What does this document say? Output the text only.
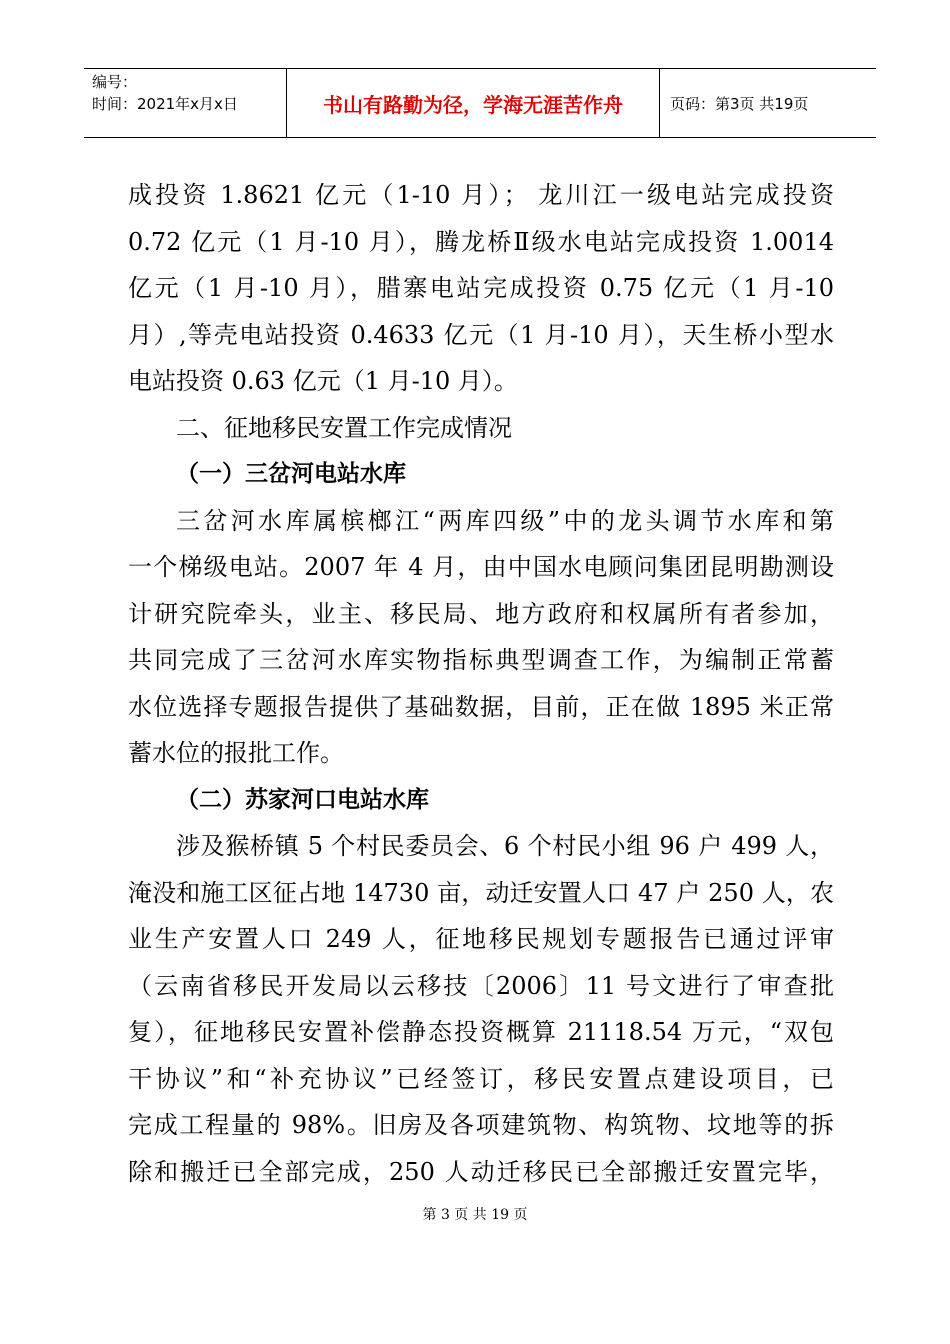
编号：
时间：2021年x月x日	书山有路勤为径，学海无涯苦作舟	页码：第3页 共19页
成投资 1.8621 亿元（1-10 月）； 龙川江一级电站完成投资
0.72 亿元（1 月-10 月），腾龙桥Ⅱ级水电站完成投资 1.0014
亿元（1 月-10 月），腊寨电站完成投资 0.75 亿元（1 月-10
月）,等壳电站投资 0.4633 亿元（1 月-10 月），天生桥小型水
电站投资 0.63 亿元（1 月-10 月）。
二、征地移民安置工作完成情况
（一）三岔河电站水库
三岔河水库属槟榔江“两库四级”中的龙头调节水库和第
一个梯级电站。2007 年 4 月，由中国水电顾问集团昆明勘测设
计研究院牵头，业主、移民局、地方政府和权属所有者参加，
共同完成了三岔河水库实物指标典型调查工作，为编制正常蓄
水位选择专题报告提供了基础数据，目前，正在做 1895 米正常
蓄水位的报批工作。
（二）苏家河口电站水库
涉及猴桥镇 5 个村民委员会、6 个村民小组 96 户 499 人，
淹没和施工区征占地 14730 亩，动迁安置人口 47 户 250 人，农
业生产安置人口 249 人，征地移民规划专题报告已通过评审
（云南省移民开发局以云移技〔2006〕11 号文进行了审查批
复），征地移民安置补偿静态投资概算 21118.54 万元，“双包
干协议”和“补充协议”已经签订，移民安置点建设项目，已
完成工程量的 98%。旧房及各项建筑物、构筑物、坟地等的拆
除和搬迁已全部完成，250 人动迁移民已全部搬迁安置完毕，
第 3 页 共 19 页
